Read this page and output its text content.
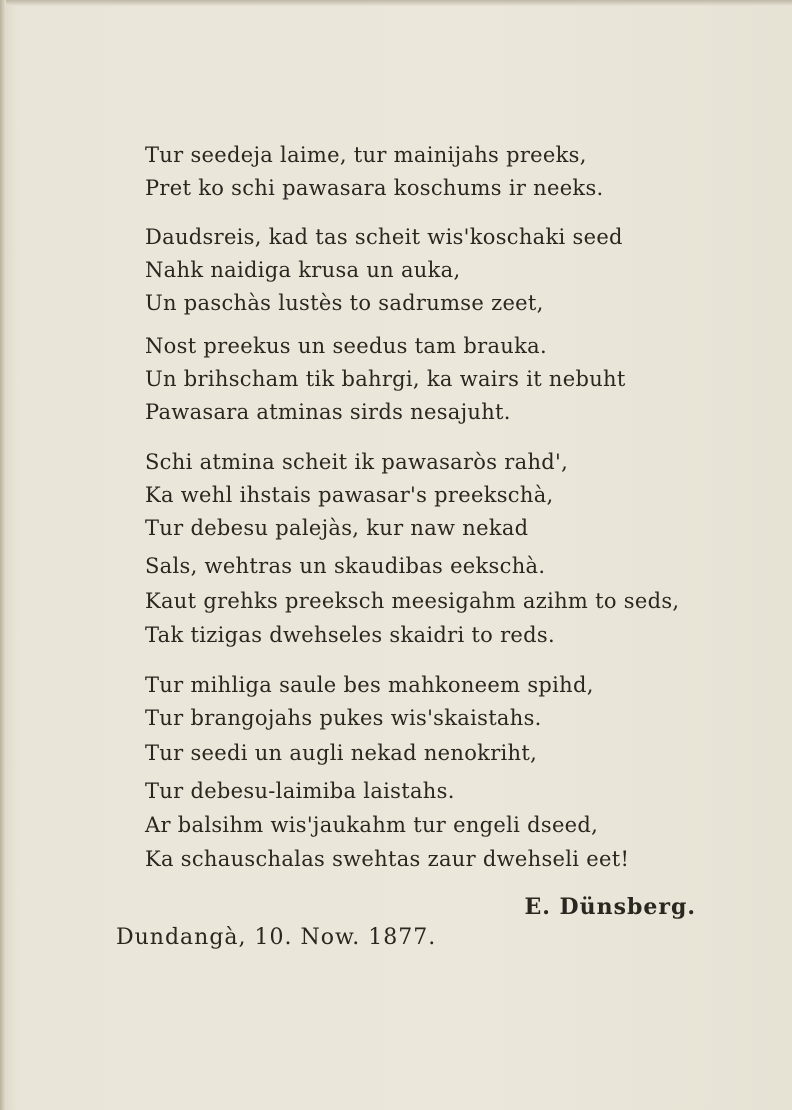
Tur seedeja laime, tur mainijahs preeks,
Pret ko schi pawasara koschums ir neeks.
Daudsreis, kad tas scheit wis'koschaki seed
Nahk naidiga krusa un auka,
Un paschàs lustès to sadrumse zeet,
Nost preekus un seedus tam brauka.
Un brihscham tik bahrgi, ka wairs it nebuht
Pawasara atminas sirds nesajuht.
Schi atmina scheit ik pawasaròs rahd',
Ka wehl ihstais pawasar's preekschà,
Tur debesu palejàs, kur naw nekad
Sals, wehtras un skaudibas eekschà.
Kaut grehks preeksch meesigahm azihm to seds,
Tak tizigas dwehseles skaidri to reds.
Tur mihliga saule bes mahkoneem spihd,
Tur brangojahs pukes wis'skaistahs.
Tur seedi un augli nekad nenokriht,
Tur debesu-laimiba laistahs.
Ar balsihm wis'jaukahm tur engeli dseed,
Ka schauschalas swehtas zaur dwehseli eet!
E. Dünsberg.
Dundangà, 10. Now. 1877.
